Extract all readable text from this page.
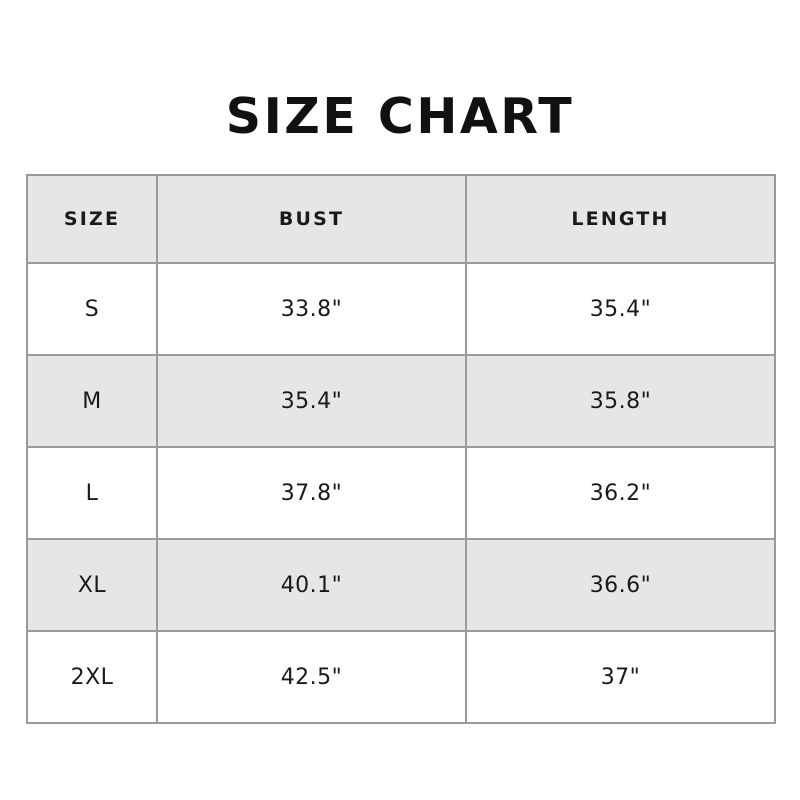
SIZE CHART
SIZE	BUST	LENGTH
S	33.8"	35.4"
M	35.4"	35.8"
L	37.8"	36.2"
XL	40.1"	36.6"
2XL	42.5"	37"
